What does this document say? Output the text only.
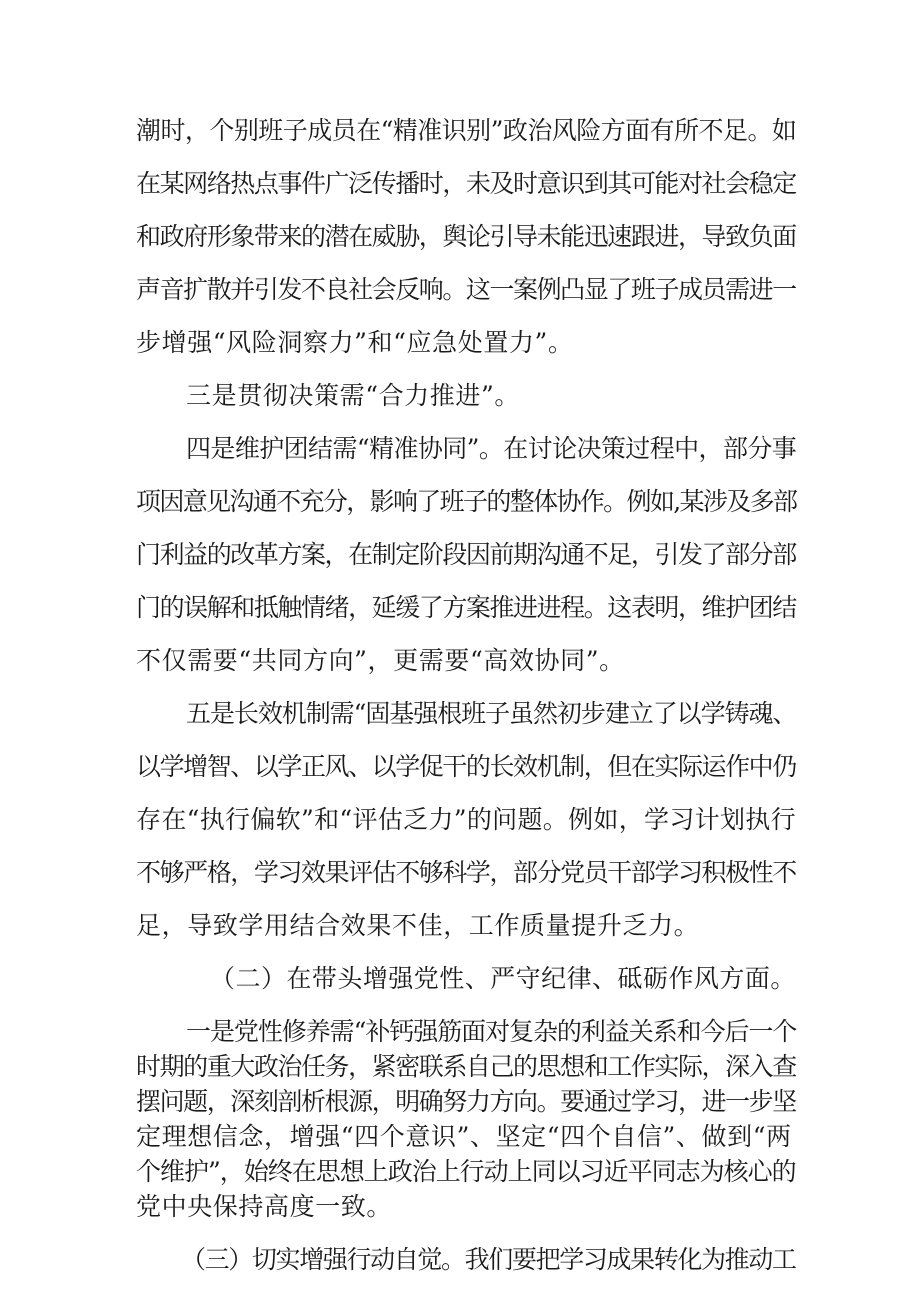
潮时，个别班子成员在“精准识别”政治风险方面有所不足。如
在某网络热点事件广泛传播时，未及时意识到其可能对社会稳定
和政府形象带来的潜在威胁，舆论引导未能迅速跟进，导致负面
声音扩散并引发不良社会反响。这一案例凸显了班子成员需进一
步增强“风险洞察力”和“应急处置力”。
三是贯彻决策需“合力推进”。
四是维护团结需“精准协同”。在讨论决策过程中，部分事
项因意见沟通不充分，影响了班子的整体协作。例如,某涉及多部
门利益的改革方案，在制定阶段因前期沟通不足，引发了部分部
门的误解和抵触情绪，延缓了方案推进进程。这表明，维护团结
不仅需要“共同方向”，更需要“高效协同”。
五是长效机制需“固基强根班子虽然初步建立了以学铸魂、
以学增智、以学正风、以学促干的长效机制，但在实际运作中仍
存在“执行偏软”和“评估乏力”的问题。例如，学习计划执行
不够严格，学习效果评估不够科学，部分党员干部学习积极性不
足，导致学用结合效果不佳，工作质量提升乏力。
（二）在带头增强党性、严守纪律、砥砺作风方面。
一是党性修养需“补钙强筋面对复杂的利益关系和今后一个
时期的重大政治任务，紧密联系自己的思想和工作实际，深入查
摆问题，深刻剖析根源，明确努力方向。要通过学习，进一步坚
定理想信念，增强“四个意识”、坚定“四个自信”、做到“两
个维护”，始终在思想上政治上行动上同以习近平同志为核心的
党中央保持高度一致。
（三）切实增强行动自觉。我们要把学习成果转化为推动工
